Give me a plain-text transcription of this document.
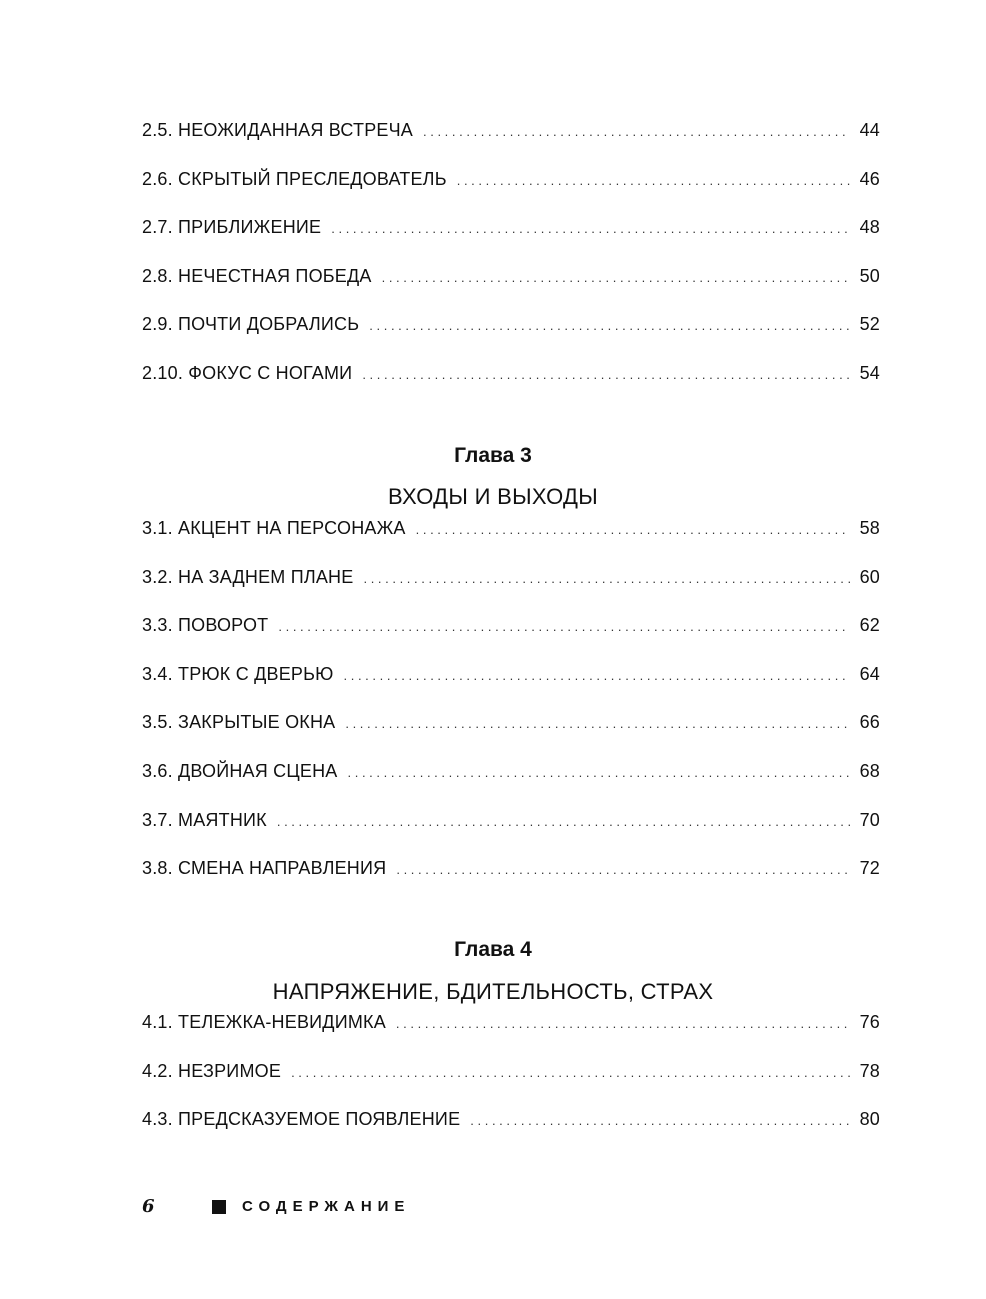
2.5. НЕОЖИДАННАЯ ВСТРЕЧА . . .	44
2.6. СКРЫТЫЙ ПРЕСЛЕДОВАТЕЛЬ . . .	46
2.7. ПРИБЛИЖЕНИЕ . . .	48
2.8. НЕЧЕСТНАЯ ПОБЕДА . . .	50
2.9. ПОЧТИ ДОБРАЛИСЬ . . .	52
2.10. ФОКУС С НОГАМИ . . .	54
Глава 3
ВХОДЫ И ВЫХОДЫ
3.1. АКЦЕНТ НА ПЕРСОНАЖА . . .	58
3.2. НА ЗАДНЕМ ПЛАНЕ . . .	60
3.3. ПОВОРОТ . . .	62
3.4. ТРЮК С ДВЕРЬЮ . . .	64
3.5. ЗАКРЫТЫЕ ОКНА . . .	66
3.6. ДВОЙНАЯ СЦЕНА . . .	68
3.7. МАЯТНИК . . .	70
3.8. СМЕНА НАПРАВЛЕНИЯ . . .	72
Глава 4
НАПРЯЖЕНИЕ, БДИТЕЛЬНОСТЬ, СТРАХ
4.1. ТЕЛЕЖКА-НЕВИДИМКА . . .	76
4.2. НЕЗРИМОЕ . . .	78
4.3. ПРЕДСКАЗУЕМОЕ ПОЯВЛЕНИЕ . . .	80
6	СОДЕРЖАНИЕ
